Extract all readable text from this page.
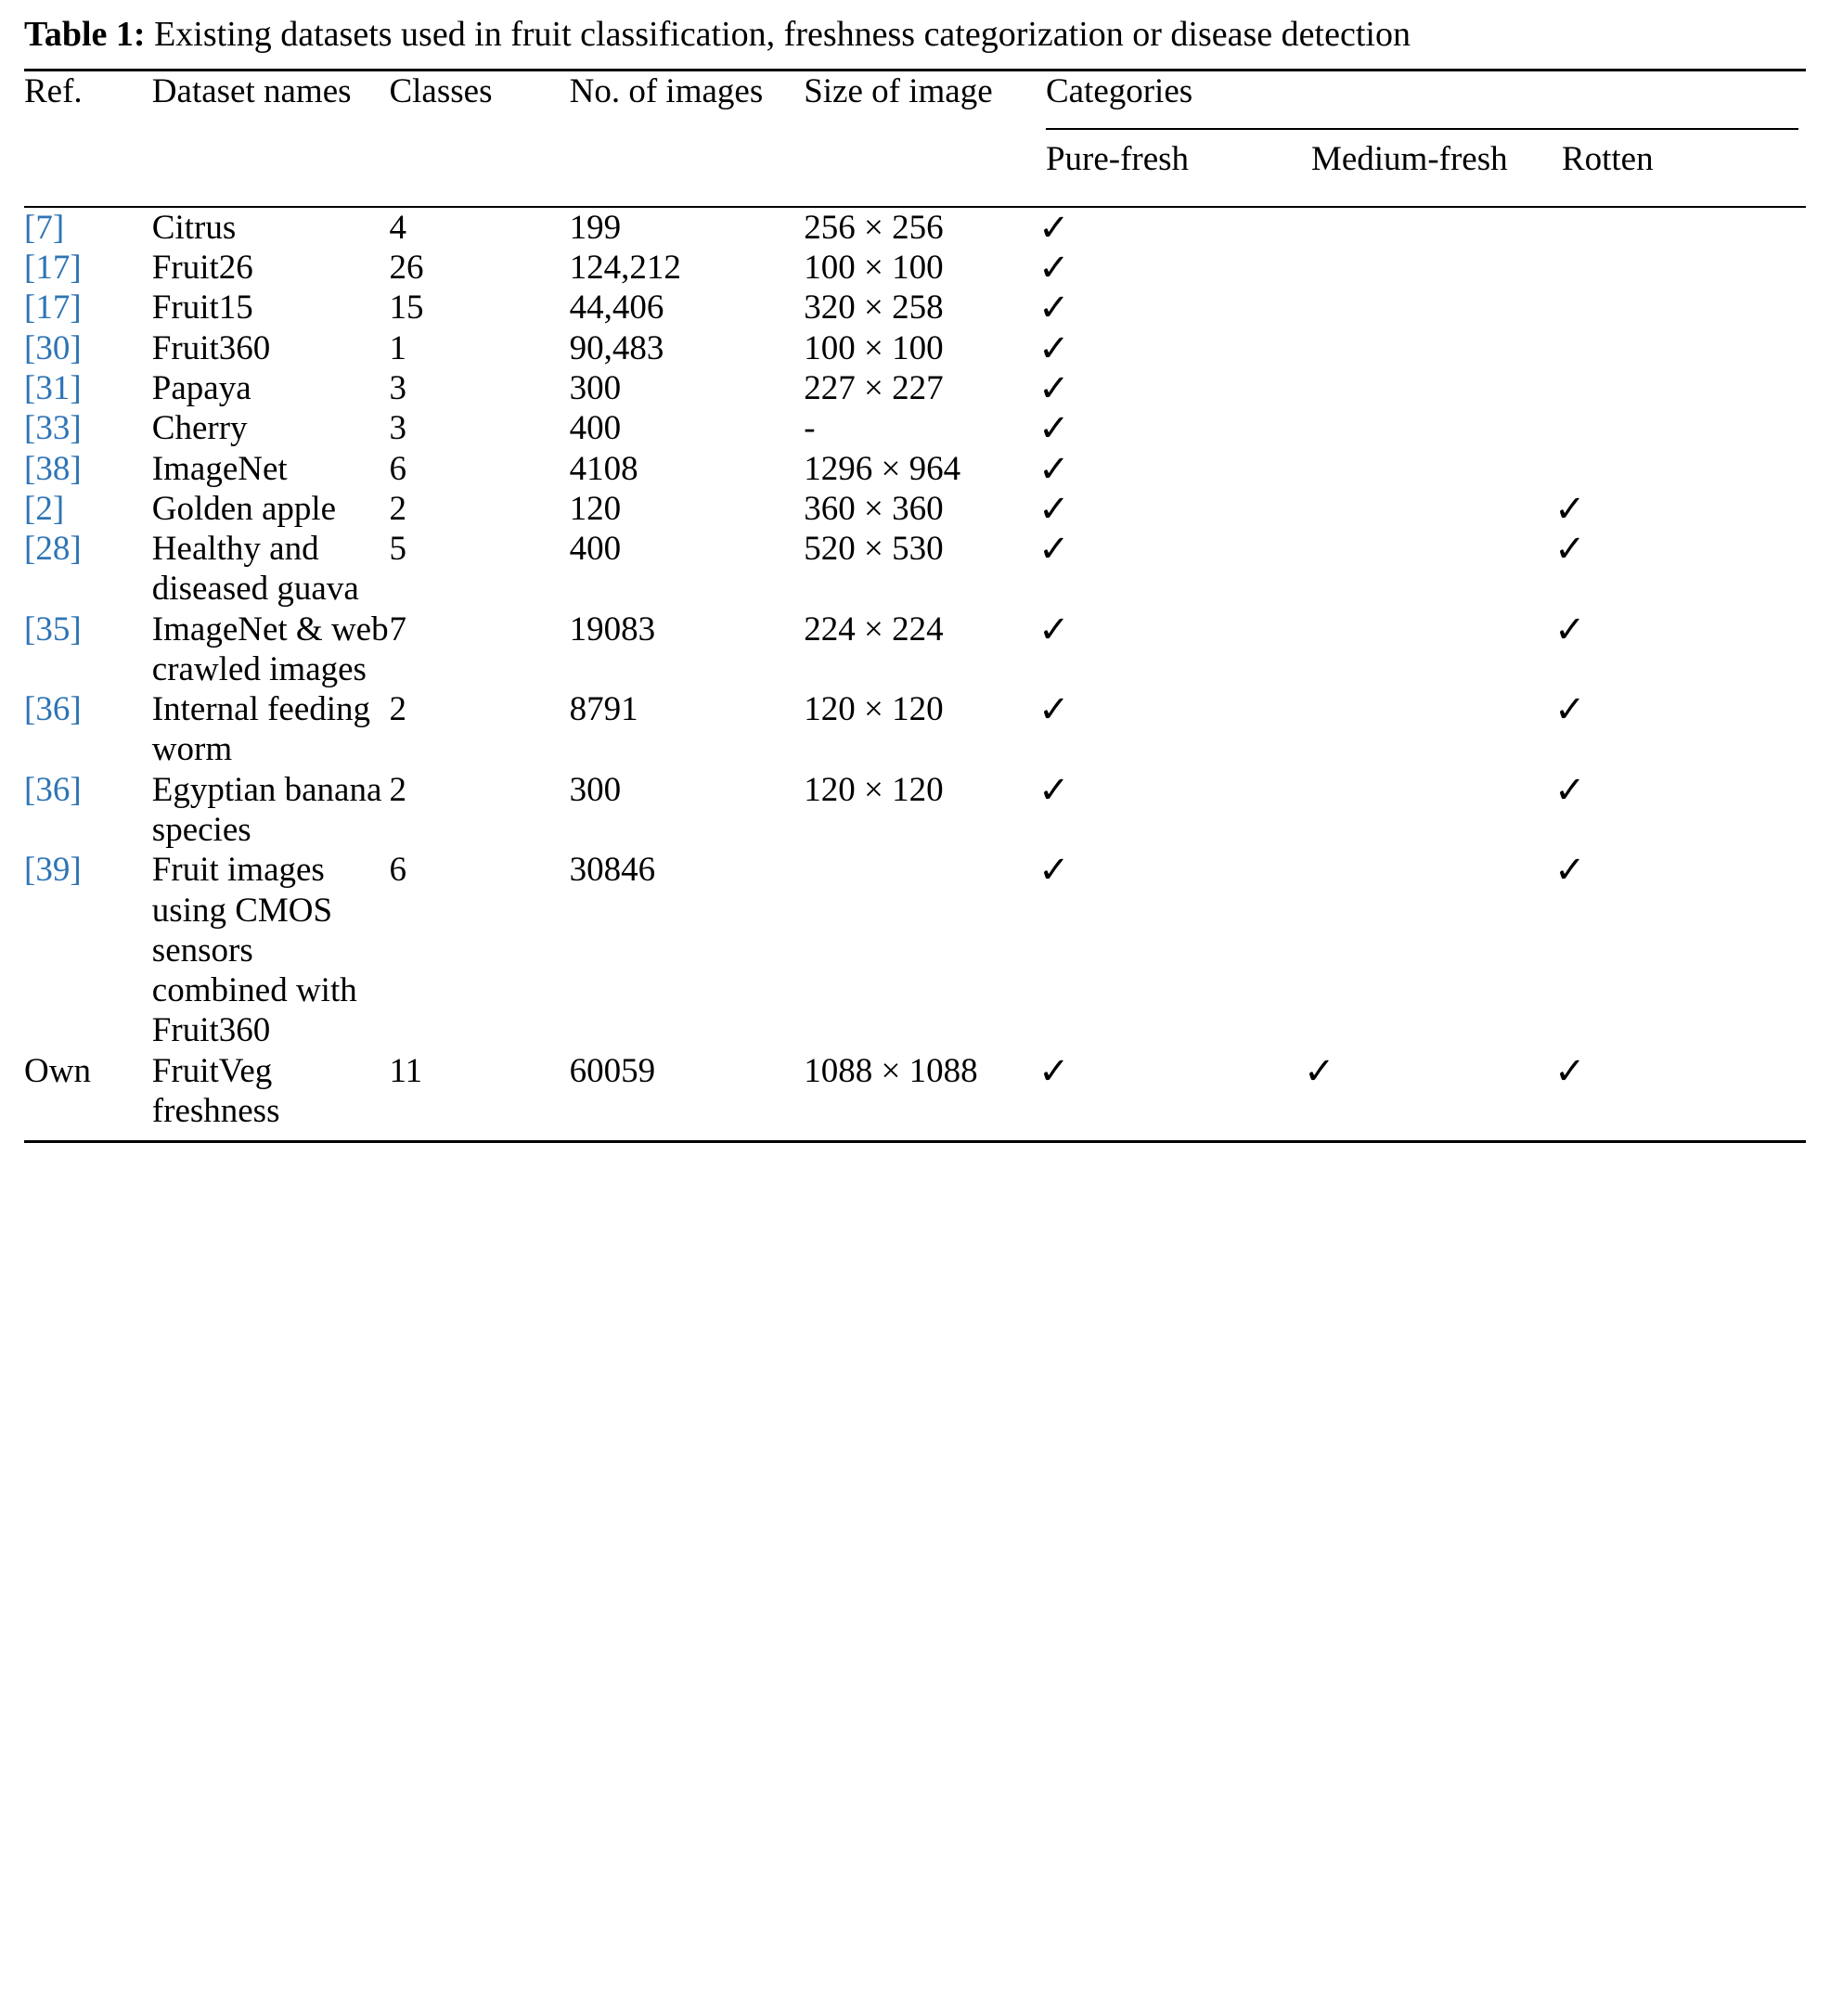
Table 1: Existing datasets used in fruit classification, freshness categorization or disease detection
Ref.	Dataset names	Classes	No. of images	Size of image	Categories
Pure-fresh Medium-fresh Rotten		

[7]	Citrus	4	199	256 × 256	✓		
[17]	Fruit26	26	124,212	100 × 100	✓		
[17]	Fruit15	15	44,406	320 × 258	✓		
[30]	Fruit360	1	90,483	100 × 100	✓		
[31]	Papaya	3	300	227 × 227	✓		
[33]	Cherry	3	400	-	✓		
[38]	ImageNet	6	4108	1296 × 964	✓		
[2]	Golden apple	2	120	360 × 360	✓		✓
[28]	Healthy and diseased guava	5	400	520 × 530	✓		✓
[35]	ImageNet & web crawled images	7	19083	224 × 224	✓		✓
[36]	Internal feeding worm	2	8791	120 × 120	✓		✓
[36]	Egyptian banana species	2	300	120 × 120	✓		✓
[39]	Fruit images using CMOS sensors combined with Fruit360	6	30846		✓		✓
Own	FruitVeg freshness	11	60059	1088 × 1088	✓	✓	✓
